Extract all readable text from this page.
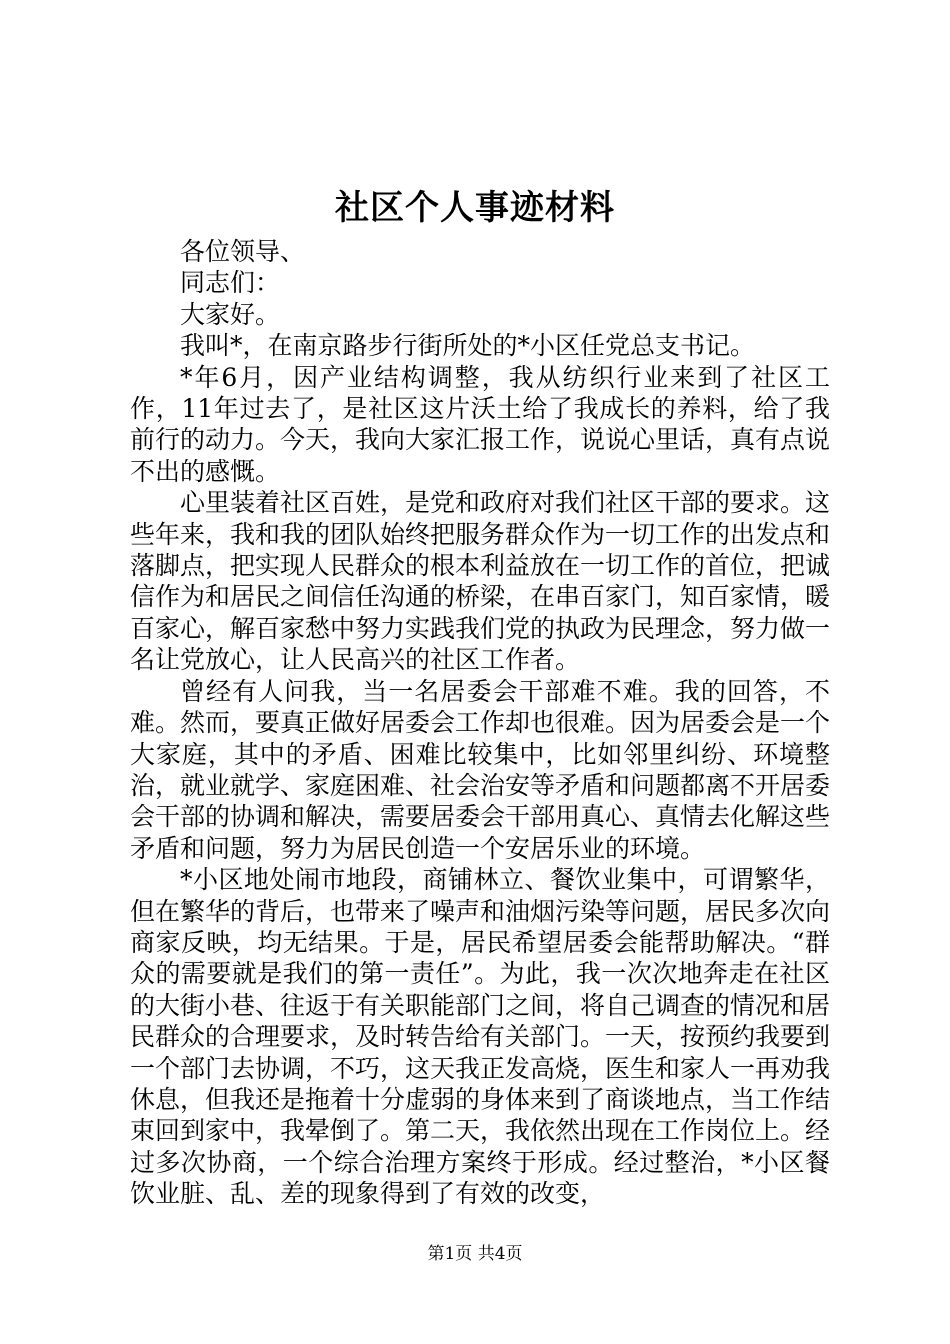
社区个人事迹材料

各位领导、

同志们：

大家好。

我叫*，在南京路步行街所处的*小区任党总支书记。

*年6月，因产业结构调整，我从纺织行业来到了社区工作，11年过去了，是社区这片沃土给了我成长的养料，给了我前行的动力。今天，我向大家汇报工作，说说心里话，真有点说不出的感慨。

心里装着社区百姓，是党和政府对我们社区干部的要求。这些年来，我和我的团队始终把服务群众作为一切工作的出发点和落脚点，把实现人民群众的根本利益放在一切工作的首位，把诚信作为和居民之间信任沟通的桥梁，在串百家门，知百家情，暖百家心，解百家愁中努力实践我们党的执政为民理念，努力做一名让党放心，让人民高兴的社区工作者。

曾经有人问我，当一名居委会干部难不难。我的回答，不难。然而，要真正做好居委会工作却也很难。因为居委会是一个大家庭，其中的矛盾、困难比较集中，比如邻里纠纷、环境整治，就业就学、家庭困难、社会治安等矛盾和问题都离不开居委会干部的协调和解决，需要居委会干部用真心、真情去化解这些矛盾和问题，努力为居民创造一个安居乐业的环境。

*小区地处闹市地段，商铺林立、餐饮业集中，可谓繁华，但在繁华的背后，也带来了噪声和油烟污染等问题，居民多次向商家反映，均无结果。于是，居民希望居委会能帮助解决。“群众的需要就是我们的第一责任”。为此，我一次次地奔走在社区的大街小巷、往返于有关职能部门之间，将自己调查的情况和居民群众的合理要求，及时转告给有关部门。一天，按预约我要到一个部门去协调，不巧，这天我正发高烧，医生和家人一再劝我休息，但我还是拖着十分虚弱的身体来到了商谈地点，当工作结束回到家中，我晕倒了。第二天，我依然出现在工作岗位上。经过多次协商，一个综合治理方案终于形成。经过整治，*小区餐饮业脏、乱、差的现象得到了有效的改变，

第1页 共4页
